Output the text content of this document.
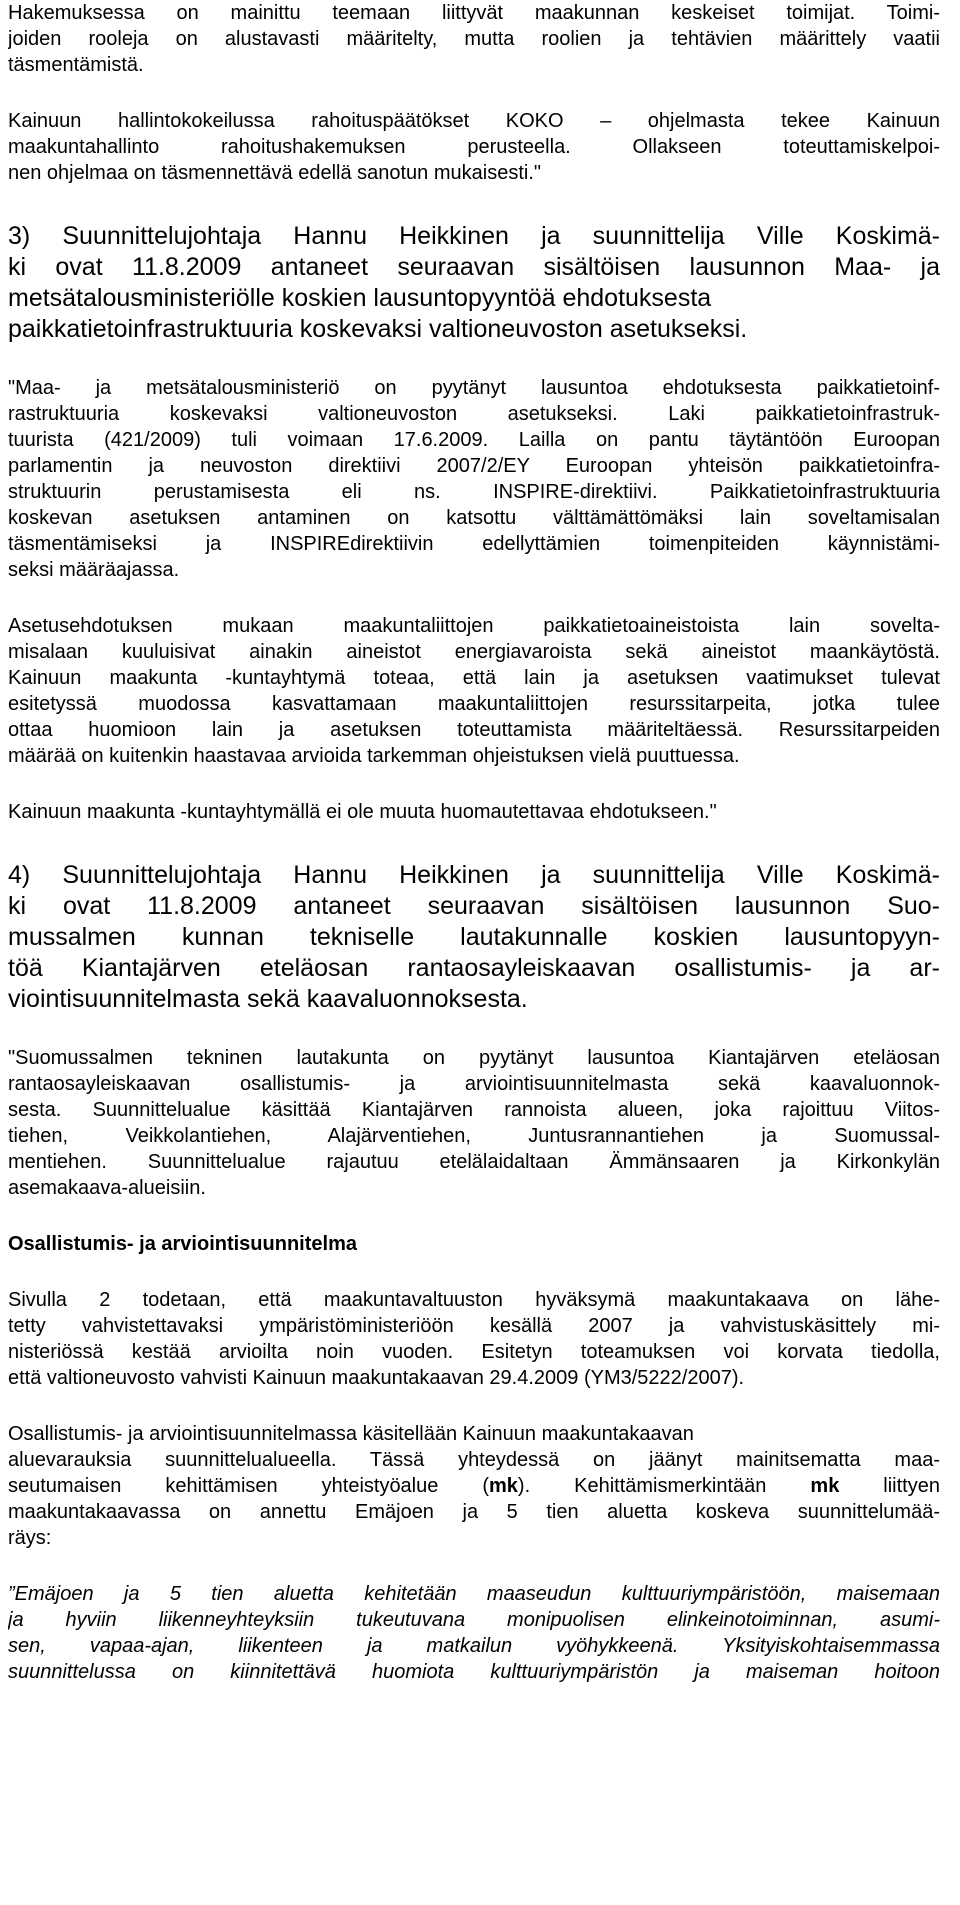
Hakemuksessa on mainittu teemaan liittyvät maakunnan keskeiset toimijat. Toimi-
joiden rooleja on alustavasti määritelty, mutta roolien ja tehtävien määrittely vaatii
täsmentämistä.
Kainuun hallintokokeilussa rahoituspäätökset KOKO – ohjelmasta tekee Kainuun
maakuntahallinto rahoitushakemuksen perusteella. Ollakseen toteuttamiskelpoi-
nen ohjelmaa on täsmennettävä edellä sanotun mukaisesti."
3) Suunnittelujohtaja Hannu Heikkinen ja suunnittelija Ville Koskimä-
ki ovat 11.8.2009 antaneet seuraavan sisältöisen lausunnon Maa- ja
metsätalousministeriölle koskien lausuntopyyntöä ehdotuksesta
paikkatietoinfrastruktuuria koskevaksi valtioneuvoston asetukseksi.
"Maa- ja metsätalousministeriö on pyytänyt lausuntoa ehdotuksesta paikkatietoinf-
rastruktuuria koskevaksi valtioneuvoston asetukseksi. Laki paikkatietoinfrastruk-
tuurista (421/2009) tuli voimaan 17.6.2009. Lailla on pantu täytäntöön Euroopan
parlamentin ja neuvoston direktiivi 2007/2/EY Euroopan yhteisön paikkatietoinfra-
struktuurin perustamisesta eli ns. INSPIRE-direktiivi. Paikkatietoinfrastruktuuria
koskevan asetuksen antaminen on katsottu välttämättömäksi lain soveltamisalan
täsmentämiseksi ja INSPIREdirektiivin edellyttämien toimenpiteiden käynnistämi-
seksi määräajassa.
Asetusehdotuksen mukaan maakuntaliittojen paikkatietoaineistoista lain sovelta-
misalaan kuuluisivat ainakin aineistot energiavaroista sekä aineistot maankäytöstä.
Kainuun maakunta -kuntayhtymä toteaa, että lain ja asetuksen vaatimukset tulevat
esitetyssä muodossa kasvattamaan maakuntaliittojen resurssitarpeita, jotka tulee
ottaa huomioon lain ja asetuksen toteuttamista määriteltäessä. Resurssitarpeiden
määrää on kuitenkin haastavaa arvioida tarkemman ohjeistuksen vielä puuttuessa.
Kainuun maakunta -kuntayhtymällä ei ole muuta huomautettavaa ehdotukseen."
4) Suunnittelujohtaja Hannu Heikkinen ja suunnittelija Ville Koskimä-
ki ovat 11.8.2009 antaneet seuraavan sisältöisen lausunnon Suo-
mussalmen kunnan tekniselle lautakunnalle koskien lausuntopyyn-
töä Kiantajärven eteläosan rantaosayleiskaavan osallistumis- ja ar-
viointisuunnitelmasta sekä kaavaluonnoksesta.
"Suomussalmen tekninen lautakunta on pyytänyt lausuntoa Kiantajärven eteläosan
rantaosayleiskaavan osallistumis- ja arviointisuunnitelmasta sekä kaavaluonnok-
sesta. Suunnittelualue käsittää Kiantajärven rannoista alueen, joka rajoittuu Viitos-
tiehen, Veikkolantiehen, Alajärventiehen, Juntusrannantiehen ja Suomussal-
mentiehen. Suunnittelualue rajautuu etelälaidaltaan Ämmänsaaren ja Kirkonkylän
asemakaava-alueisiin.
Osallistumis- ja arviointisuunnitelma
Sivulla 2 todetaan, että maakuntavaltuuston hyväksymä maakuntakaava on lähe-
tetty vahvistettavaksi ympäristöministeriöön kesällä 2007 ja vahvistuskäsittely mi-
nisteriössä kestää arvioilta noin vuoden. Esitetyn toteamuksen voi korvata tiedolla,
että valtioneuvosto vahvisti Kainuun maakuntakaavan 29.4.2009 (YM3/5222/2007).
Osallistumis- ja arviointisuunnitelmassa käsitellään Kainuun maakuntakaavan
aluevarauksia suunnittelualueella. Tässä yhteydessä on jäänyt mainitsematta maa-
seutumaisen kehittämisen yhteistyöalue (mk). Kehittämismerkintään mk liittyen
maakuntakaavassa on annettu Emäjoen ja 5 tien aluetta koskeva suunnittelumää-
räys:
”Emäjoen ja 5 tien aluetta kehitetään maaseudun kulttuuriympäristöön, maisemaan
ja hyviin liikenneyhteyksiin tukeutuvana monipuolisen elinkeinotoiminnan, asumi-
sen, vapaa-ajan, liikenteen ja matkailun vyöhykkeenä. Yksityiskohtaisemmassa
suunnittelussa on kiinnitettävä huomiota kulttuuriympäristön ja maiseman hoitoon
